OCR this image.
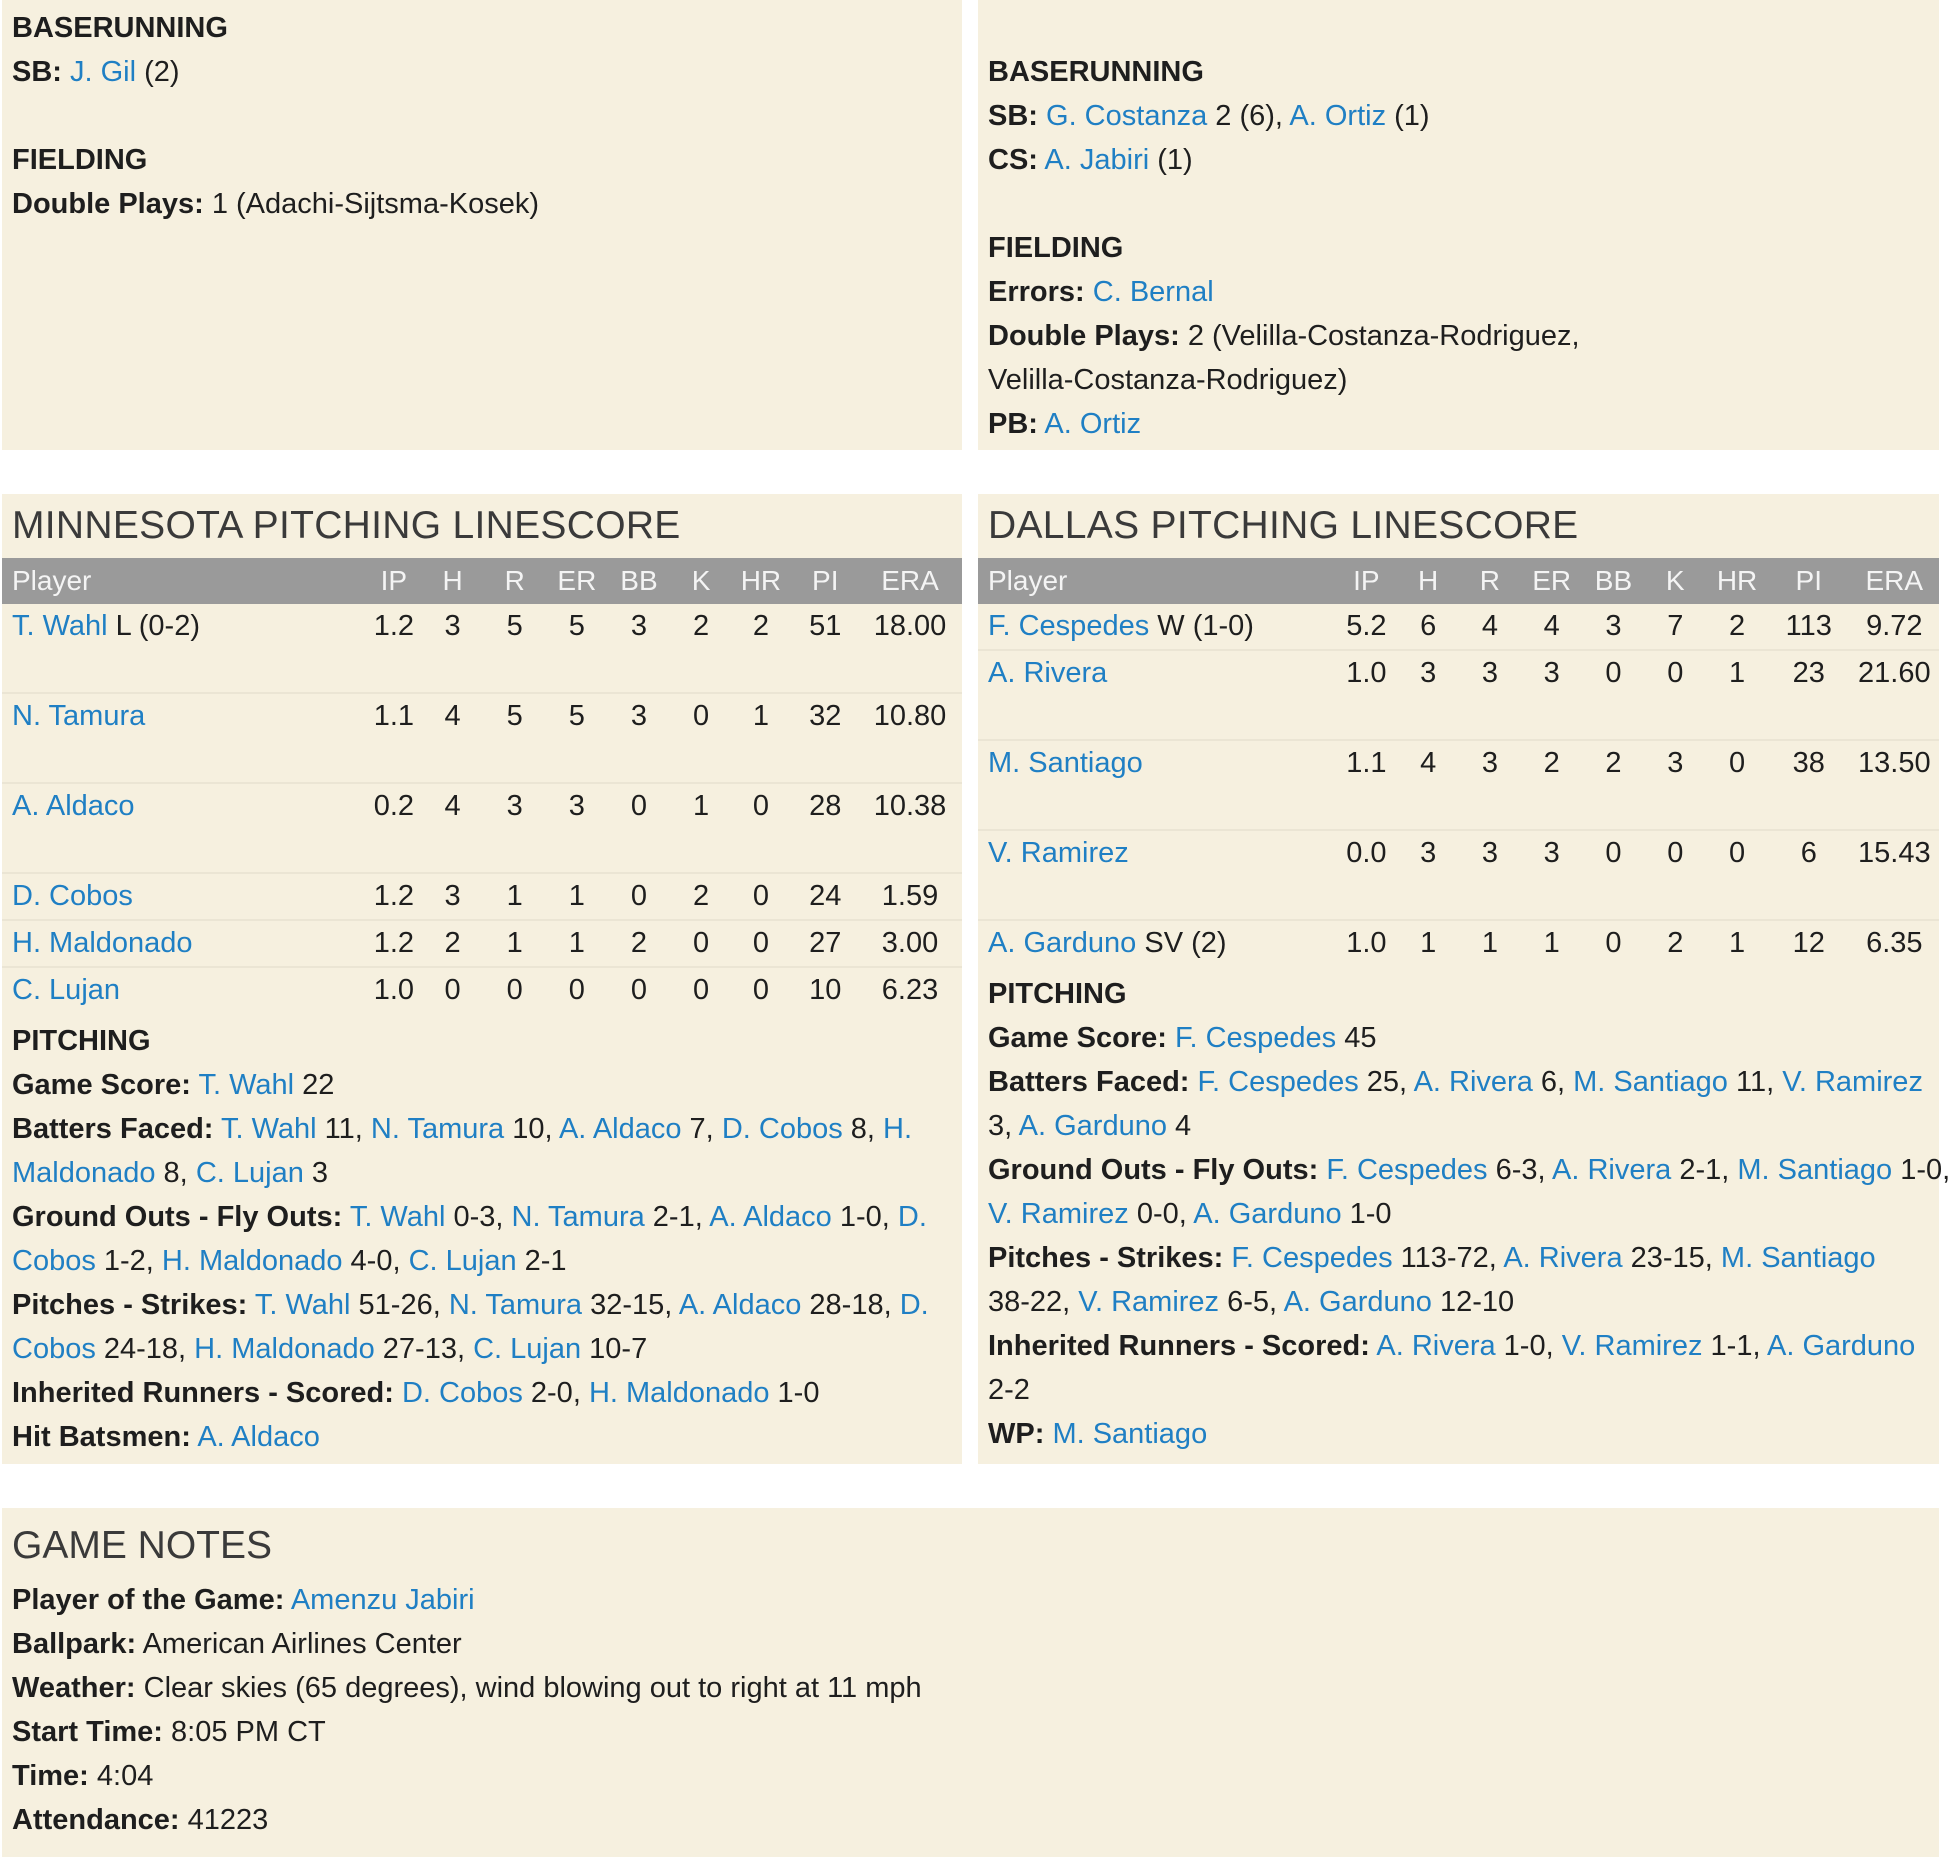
BASERUNNING
SB: J. Gil (2)
FIELDING
Double Plays: 1 (Adachi-Sijtsma-Kosek)
BASERUNNING
SB: G. Costanza 2 (6), A. Ortiz (1)
CS: A. Jabiri (1)
FIELDING
Errors: C. Bernal
Double Plays: 2 (Velilla-Costanza-Rodriguez,
Velilla-Costanza-Rodriguez)
PB: A. Ortiz
MINNESOTA PITCHING LINESCORE
Player	IP	H	R	ER	BB	K	HR	PI	ERA
T. Wahl L (0-2)	1.2	3	5	5	3	2	2	51	18.00
N. Tamura	1.1	4	5	5	3	0	1	32	10.80
A. Aldaco	0.2	4	3	3	0	1	0	28	10.38
D. Cobos	1.2	3	1	1	0	2	0	24	1.59
H. Maldonado	1.2	2	1	1	2	0	0	27	3.00
C. Lujan	1.0	0	0	0	0	0	0	10	6.23
PITCHING
Game Score: T. Wahl 22
Batters Faced: T. Wahl 11, N. Tamura 10, A. Aldaco 7, D. Cobos 8, H.
Maldonado 8, C. Lujan 3
Ground Outs - Fly Outs: T. Wahl 0-3, N. Tamura 2-1, A. Aldaco 1-0, D.
Cobos 1-2, H. Maldonado 4-0, C. Lujan 2-1
Pitches - Strikes: T. Wahl 51-26, N. Tamura 32-15, A. Aldaco 28-18, D.
Cobos 24-18, H. Maldonado 27-13, C. Lujan 10-7
Inherited Runners - Scored: D. Cobos 2-0, H. Maldonado 1-0
Hit Batsmen: A. Aldaco
DALLAS PITCHING LINESCORE
Player	IP	H	R	ER	BB	K	HR	PI	ERA
F. Cespedes W (1-0)	5.2	6	4	4	3	7	2	113	9.72
A. Rivera	1.0	3	3	3	0	0	1	23	21.60
M. Santiago	1.1	4	3	2	2	3	0	38	13.50
V. Ramirez	0.0	3	3	3	0	0	0	6	15.43
A. Garduno SV (2)	1.0	1	1	1	0	2	1	12	6.35
PITCHING
Game Score: F. Cespedes 45
Batters Faced: F. Cespedes 25, A. Rivera 6, M. Santiago 11, V. Ramirez
3, A. Garduno 4
Ground Outs - Fly Outs: F. Cespedes 6-3, A. Rivera 2-1, M. Santiago 1-0,
V. Ramirez 0-0, A. Garduno 1-0
Pitches - Strikes: F. Cespedes 113-72, A. Rivera 23-15, M. Santiago
38-22, V. Ramirez 6-5, A. Garduno 12-10
Inherited Runners - Scored: A. Rivera 1-0, V. Ramirez 1-1, A. Garduno
2-2
WP: M. Santiago
GAME NOTES
Player of the Game: Amenzu Jabiri
Ballpark: American Airlines Center
Weather: Clear skies (65 degrees), wind blowing out to right at 11 mph
Start Time: 8:05 PM CT
Time: 4:04
Attendance: 41223
